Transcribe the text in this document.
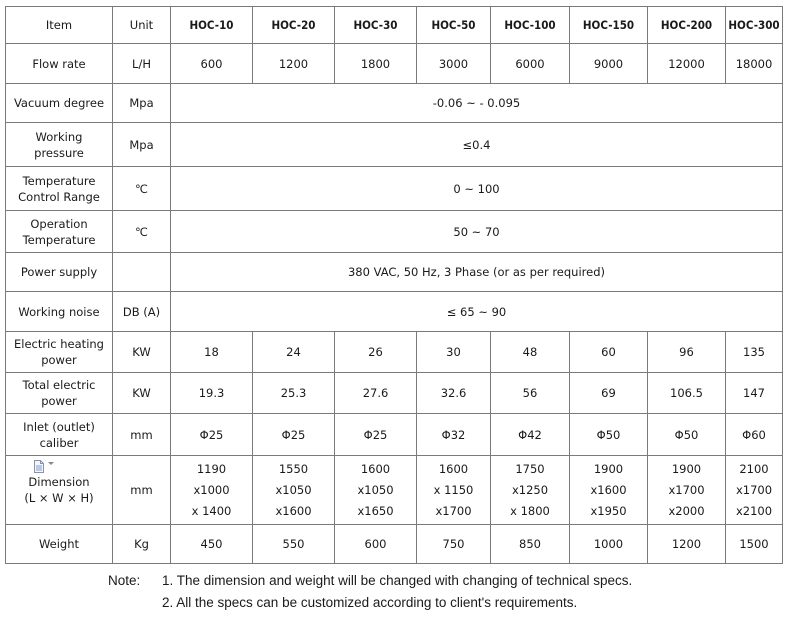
Item	Unit	HOC-10	HOC-20	HOC-30	HOC-50	HOC-100	HOC-150	HOC-200	HOC-300

Flow rate	L/H	600	1200	1800	3000	6000	9000	12000	18000

Vacuum degree	Mpa	-0.06 ~ - 0.095							

Working
pressure	Mpa	≤0.4							

Temperature
Control Range	℃	0 ~ 100							

Operation
Temperature	℃	50 ~ 70							

Power supply		380 VAC, 50 Hz, 3 Phase (or as per required)							

Working noise	DB (A)	≤ 65 ~ 90							

Electric heating
power	KW	18	24	26	30	48	60	96	135

Total electric
power	KW	19.3	25.3	27.6	32.6	56	69	106.5	147

Inlet (outlet)
caliber	mm	Φ25	Φ25	Φ25	Φ32	Φ42	Φ50	Φ50	Φ60

Dimension
(L × W × H)	mm	1190
x1000
x 1400	1550
x1050
x1600	1600
x1050
x1650	1600
x 1150
x1700	1750
x1250
x 1800	1900
x1600
x1950	1900
x1700
x2000	2100
x1700
x2100

Weight	Kg	450	550	600	750	850	1000	1200	1500
Note: 1. The dimension and weight will be changed with changing of technical specs.
2. All the specs can be customized according to client's requirements.
